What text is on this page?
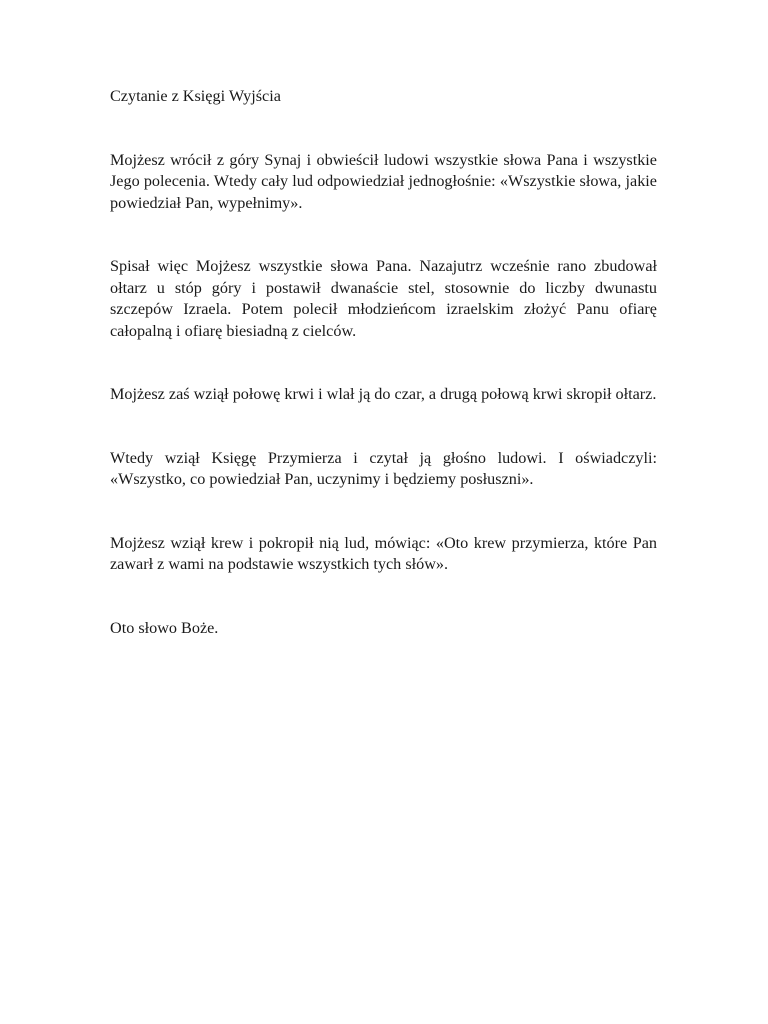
Czytanie z Księgi Wyjścia

Mojżesz wrócił z góry Synaj i obwieścił ludowi wszystkie słowa Pana i wszystkie Jego polecenia. Wtedy cały lud odpowiedział jednogłośnie: «Wszystkie słowa, jakie powiedział Pan, wypełnimy».

Spisał więc Mojżesz wszystkie słowa Pana. Nazajutrz wcześnie rano zbudował ołtarz u stóp góry i postawił dwanaście stel, stosownie do liczby dwunastu szczepów Izraela. Potem polecił młodzieńcom izraelskim złożyć Panu ofiarę całopalną i ofiarę biesiadną z cielców.

Mojżesz zaś wziął połowę krwi i wlał ją do czar, a drugą połową krwi skropił ołtarz.

Wtedy wziął Księgę Przymierza i czytał ją głośno ludowi. I oświadczyli: «Wszystko, co powiedział Pan, uczynimy i będziemy posłuszni».

Mojżesz wziął krew i pokropił nią lud, mówiąc: «Oto krew przymierza, które Pan zawarł z wami na podstawie wszystkich tych słów».

Oto słowo Boże.
